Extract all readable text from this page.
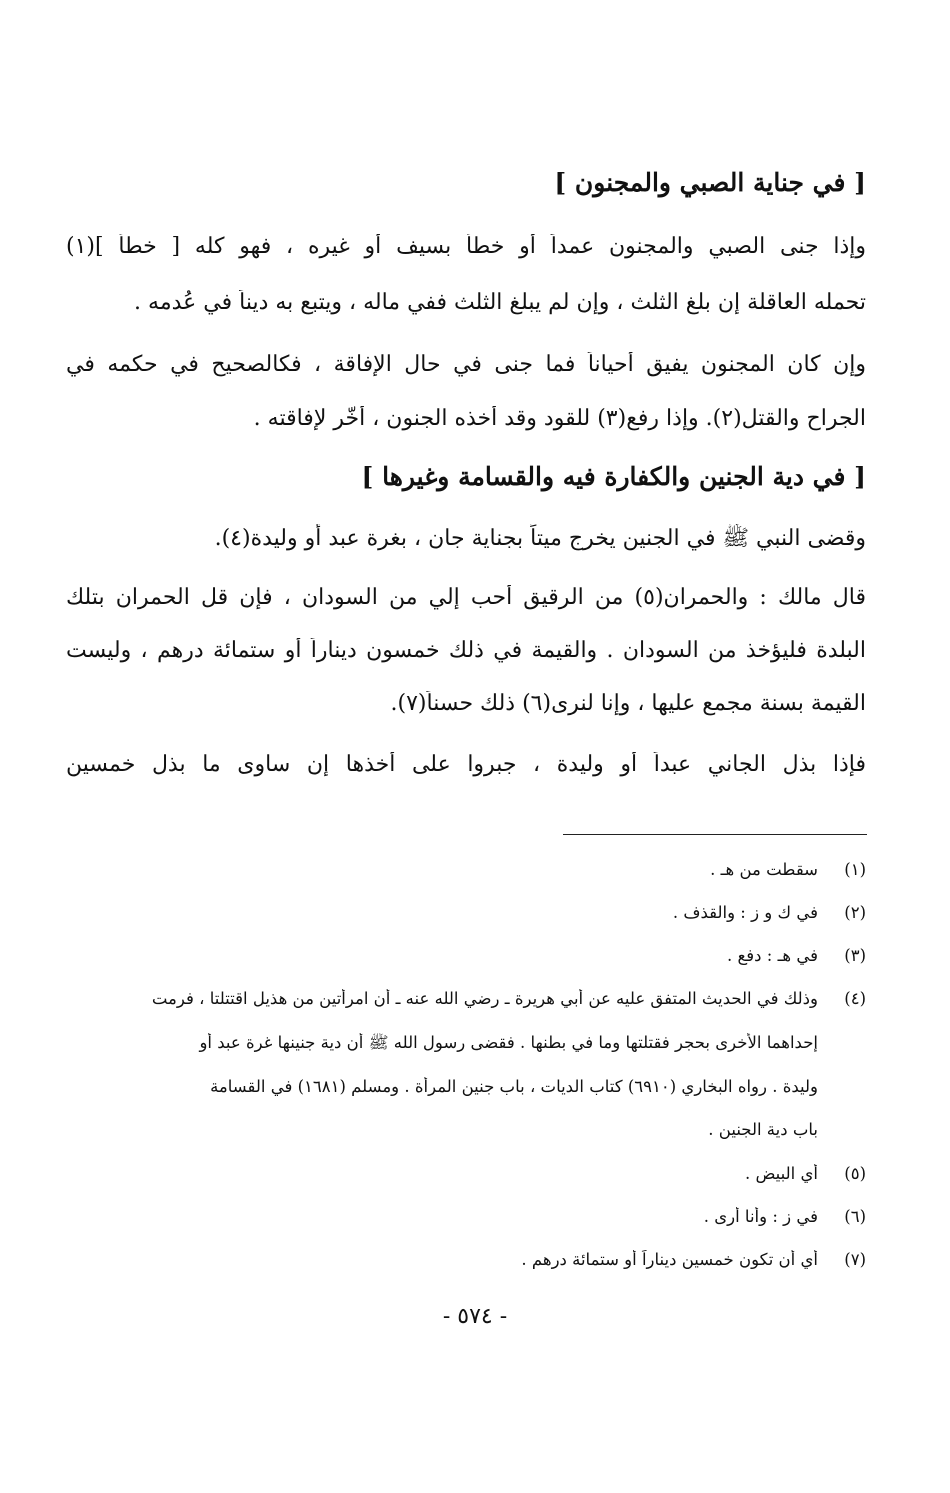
[ في جناية الصبي والمجنون ]
وإذا جنى الصبي والمجنون عمداً أو خطأً بسيف أو غيره ، فهو كله [ خطأ ](١)
تحمله العاقلة إن بلغ الثلث ، وإن لم يبلغ الثلث ففي ماله ، ويتبع به ديناً في عُدمه .
وإن كان المجنون يفيق أحياناً فما جنى في حال الإفاقة ، فكالصحيح في حكمه في
الجراح والقتل(٢). وإذا رفع(٣) للقود وقد أخذه الجنون ، أُخّر لإفاقته .
[ في دية الجنين والكفارة فيه والقسامة وغيرها ]
وقضى النبي ﷺ في الجنين يخرج ميتاً بجناية جان ، بغرة عبد أو وليدة(٤).
قال مالك : والحمران(٥) من الرقيق أحب إلي من السودان ، فإن قل الحمران بتلك
البلدة فليؤخذ من السودان . والقيمة في ذلك خمسون ديناراً أو ستمائة درهم ، وليست
القيمة بسنة مجمع عليها ، وإنا لنرى(٦) ذلك حسناً(٧).
فإذا بذل الجاني عبداً أو وليدة ، جبروا على أخذها إن ساوى ما بذل خمسين
(١)سقطت من هـ .
(٢)في ك و ز : والقذف .
(٣)في هـ : دفع .
(٤)وذلك في الحديث المتفق عليه عن أبي هريرة ـ رضي الله عنه ـ أن امرأتين من هذيل اقتتلتا ، فرمت
إحداهما الأخرى بحجر فقتلتها وما في بطنها . فقضى رسول الله ﷺ أن دية جنينها غرة عبد أو
وليدة . رواه البخاري (٦٩١٠) كتاب الديات ، باب جنين المرأة . ومسلم (١٦٨١) في القسامة
باب دية الجنين .
(٥)أي البيض .
(٦)في ز : وأنا أرى .
(٧)أي أن تكون خمسين ديناراً أو ستمائة درهم .
- ٥٧٤ -
